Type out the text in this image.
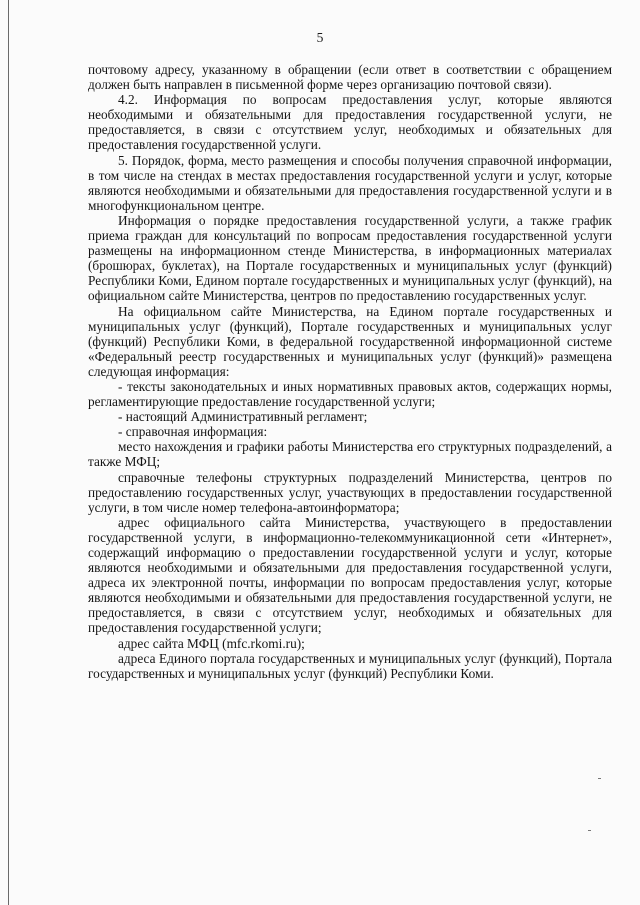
5

почтовому адресу, указанному в обращении (если ответ в соответствии с обращением должен быть направлен в письменной форме через организацию почтовой связи).

4.2. Информация по вопросам предоставления услуг, которые являются необходимыми и обязательными для предоставления государственной услуги, не предоставляется, в связи с отсутствием услуг, необходимых и обязательных для предоставления государственной услуги.

5. Порядок, форма, место размещения и способы получения справочной информации, в том числе на стендах в местах предоставления государственной услуги и услуг, которые являются необходимыми и обязательными для предоставления государственной услуги и в многофункциональном центре.

Информация о порядке предоставления государственной услуги, а также график приема граждан для консультаций по вопросам предоставления государственной услуги размещены на информационном стенде Министерства, в информационных материалах (брошюрах, буклетах), на Портале государственных и муниципальных услуг (функций) Республики Коми, Едином портале государственных и муниципальных услуг (функций), на официальном сайте Министерства, центров по предоставлению государственных услуг.

На официальном сайте Министерства, на Едином портале государственных и муниципальных услуг (функций), Портале государственных и муниципальных услуг (функций) Республики Коми, в федеральной государственной информационной системе «Федеральный реестр государственных и муниципальных услуг (функций)» размещена следующая информация:

- тексты законодательных и иных нормативных правовых актов, содержащих нормы, регламентирующие предоставление государственной услуги;

- настоящий Административный регламент;

- справочная информация:

место нахождения и графики работы Министерства его структурных подразделений, а также МФЦ;

справочные телефоны структурных подразделений Министерства, центров по предоставлению государственных услуг, участвующих в предоставлении государственной услуги, в том числе номер телефона-автоинформатора;

адрес официального сайта Министерства, участвующего в предоставлении государственной услуги, в информационно-телекоммуникационной сети «Интернет», содержащий информацию о предоставлении государственной услуги и услуг, которые являются необходимыми и обязательными для предоставления государственной услуги, адреса их электронной почты, информации по вопросам предоставления услуг, которые являются необходимыми и обязательными для предоставления государственной услуги, не предоставляется, в связи с отсутствием услуг, необходимых и обязательных для предоставления государственной услуги;

адрес сайта МФЦ (mfc.rkomi.ru);

адреса Единого портала государственных и муниципальных услуг (функций), Портала государственных и муниципальных услуг (функций) Республики Коми.
